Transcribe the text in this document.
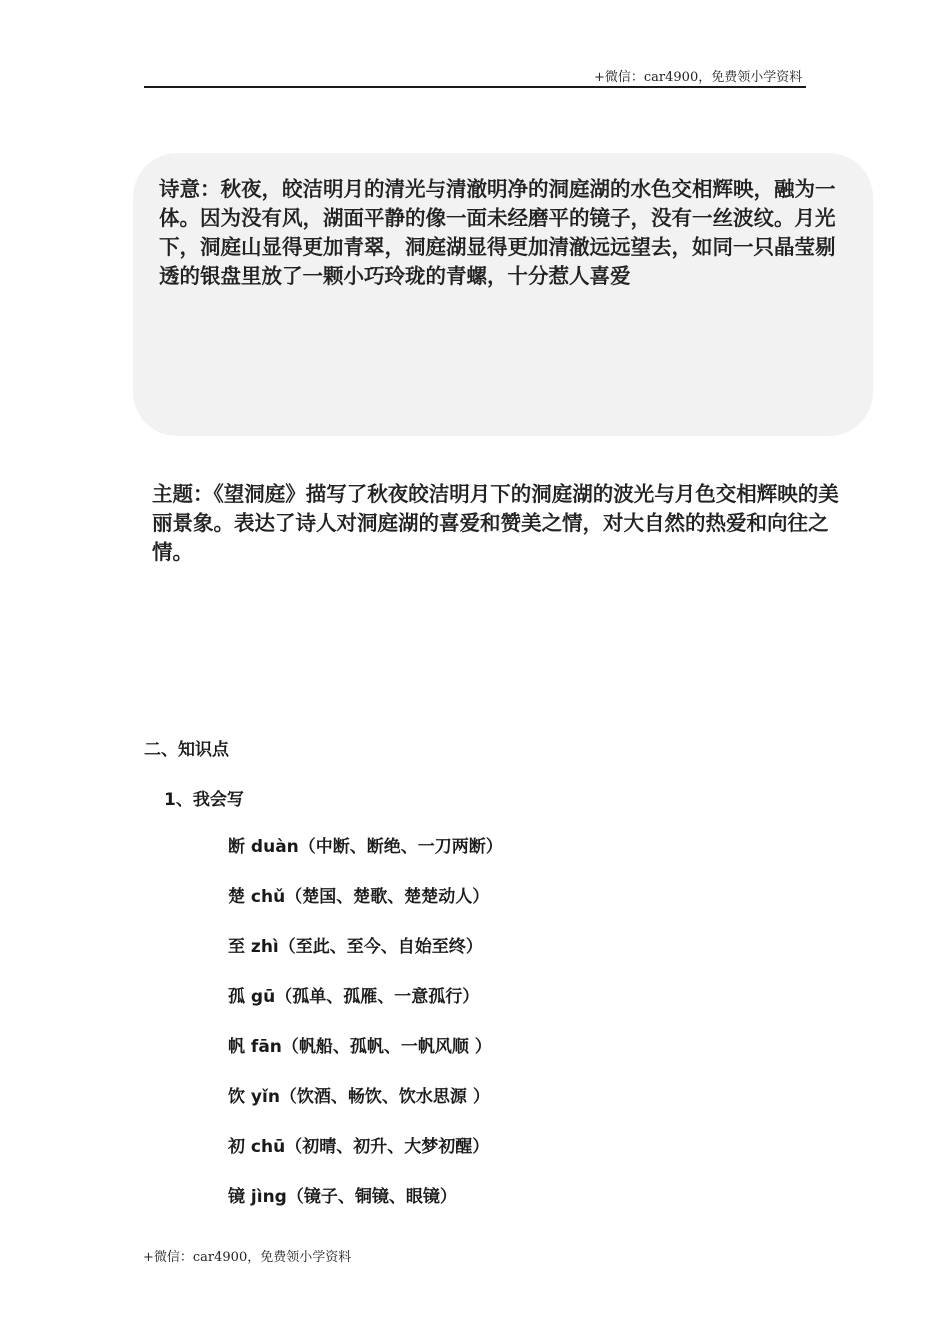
+微信：car4900，免费领小学资料

诗意：秋夜，皎洁明月的清光与清澈明净的洞庭湖的水色交相辉映，融为一体。因为没有风，湖面平静的像一面未经磨平的镜子，没有一丝波纹。月光下，洞庭山显得更加青翠，洞庭湖显得更加清澈远远望去，如同一只晶莹剔透的银盘里放了一颗小巧玲珑的青螺，十分惹人喜爱

主题：《望洞庭》描写了秋夜皎洁明月下的洞庭湖的波光与月色交相辉映的美丽景象。表达了诗人对洞庭湖的喜爱和赞美之情，对大自然的热爱和向往之情。

二、知识点
1、我会写
断 duàn（中断、断绝、一刀两断）
楚 chǔ（楚国、楚歌、楚楚动人）
至 zhì（至此、至今、自始至终）
孤 gū（孤单、孤雁、一意孤行）
帆 fān（帆船、孤帆、一帆风顺 ）
饮 yǐn（饮酒、畅饮、饮水思源 ）
初 chū（初晴、初升、大梦初醒）
镜 jìng（镜子、铜镜、眼镜）
+微信：car4900，免费领小学资料
